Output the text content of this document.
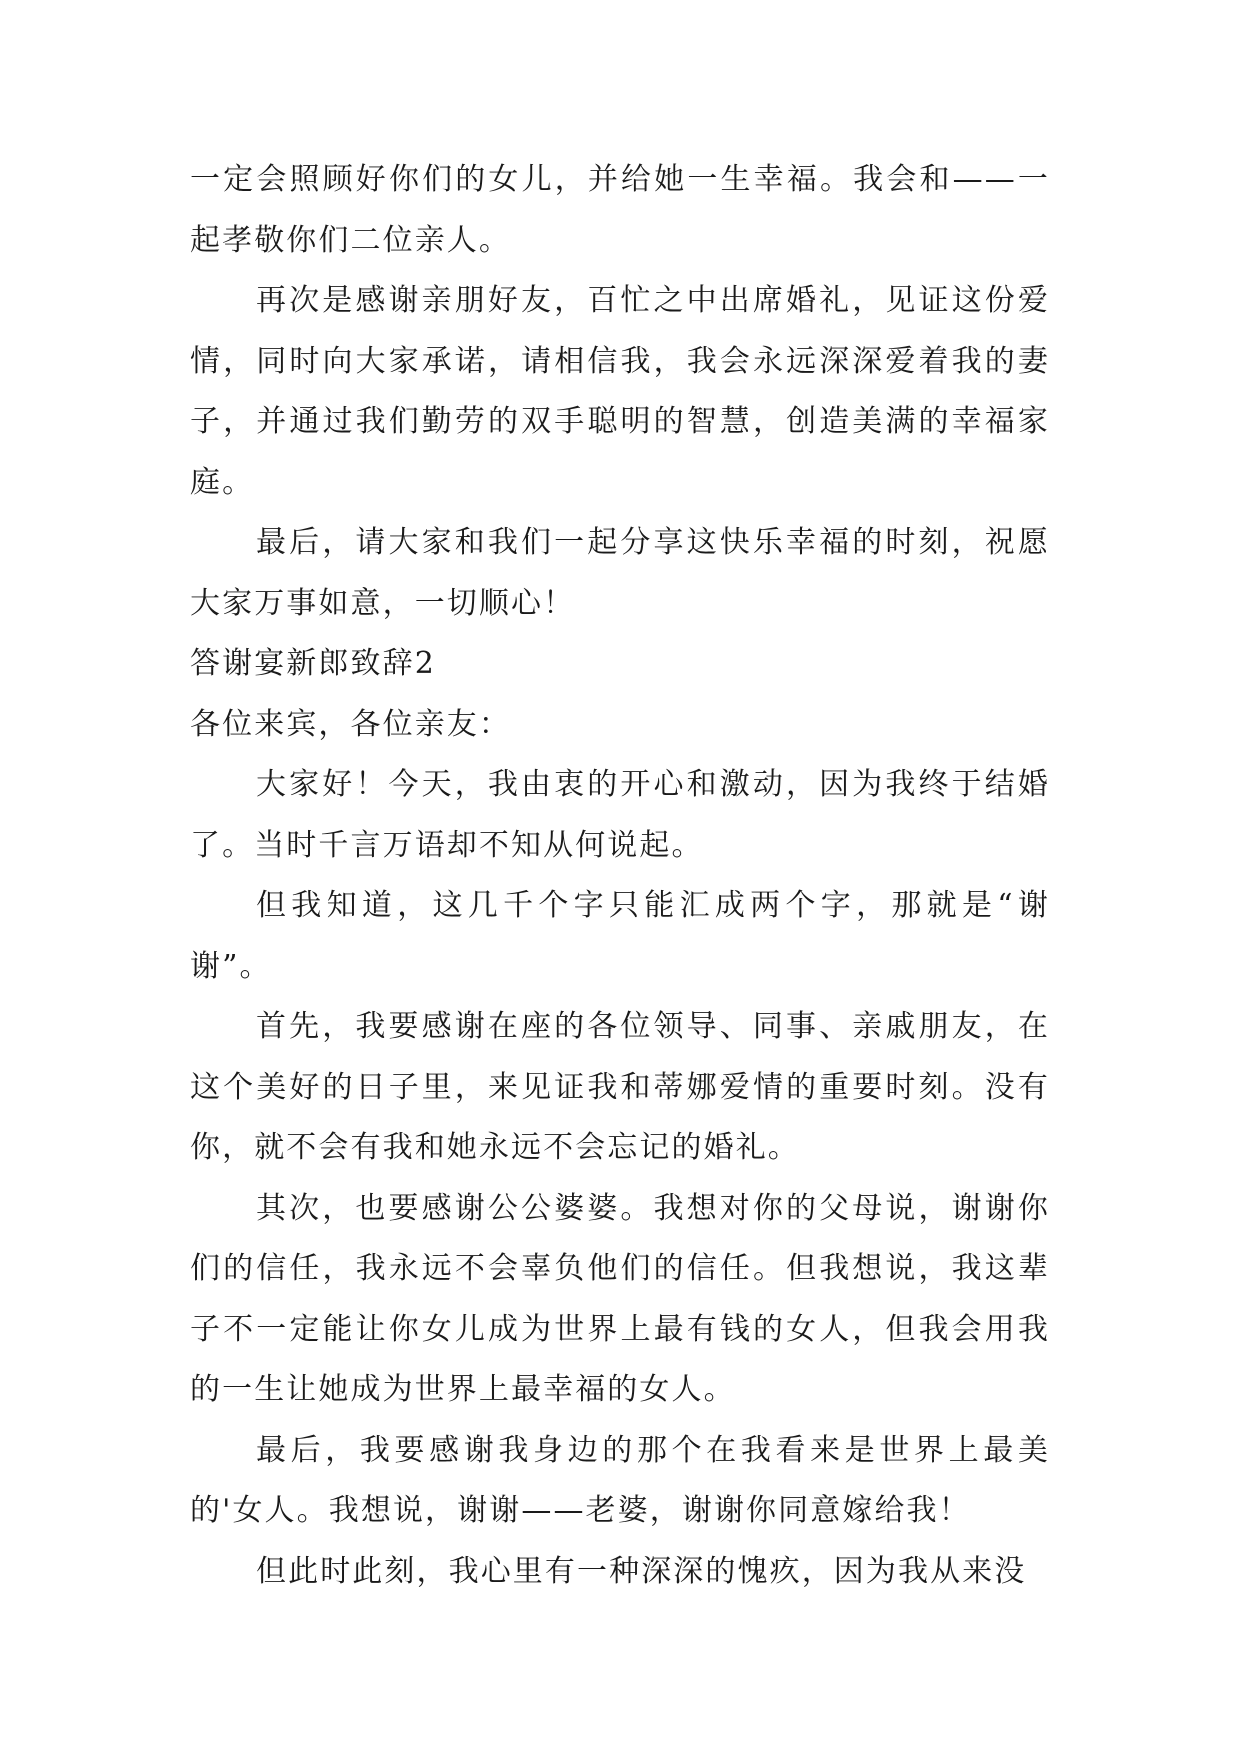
一定会照顾好你们的女儿，并给她一生幸福。我会和——一起孝敬你们二位亲人。

再次是感谢亲朋好友，百忙之中出席婚礼，见证这份爱情，同时向大家承诺，请相信我，我会永远深深爱着我的妻子，并通过我们勤劳的双手聪明的智慧，创造美满的幸福家庭。

最后，请大家和我们一起分享这快乐幸福的时刻，祝愿大家万事如意，一切顺心！

答谢宴新郎致辞2

各位来宾，各位亲友：

大家好！今天，我由衷的开心和激动，因为我终于结婚了。当时千言万语却不知从何说起。

但我知道，这几千个字只能汇成两个字，那就是“谢谢”。

首先，我要感谢在座的各位领导、同事、亲戚朋友，在这个美好的日子里，来见证我和蒂娜爱情的重要时刻。没有你，就不会有我和她永远不会忘记的婚礼。

其次，也要感谢公公婆婆。我想对你的父母说，谢谢你们的信任，我永远不会辜负他们的信任。但我想说，我这辈子不一定能让你女儿成为世界上最有钱的女人，但我会用我的一生让她成为世界上最幸福的女人。

最后，我要感谢我身边的那个在我看来是世界上最美的'女人。我想说，谢谢——老婆，谢谢你同意嫁给我！

但此时此刻，我心里有一种深深的愧疚，因为我从来没
